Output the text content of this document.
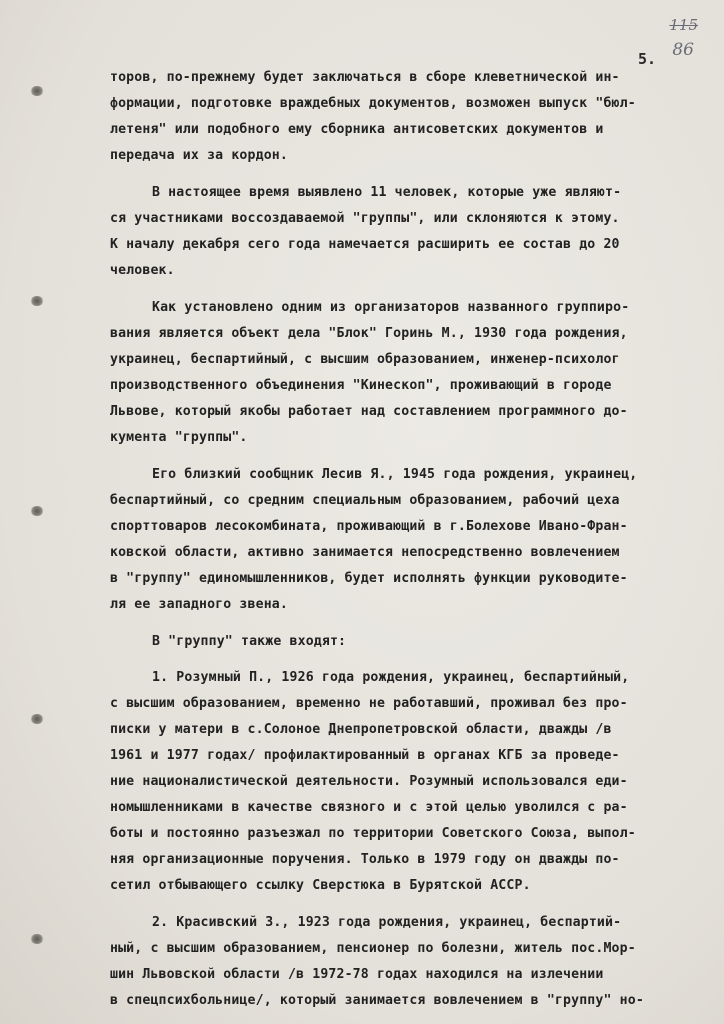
115
86
5.
торов, по-прежнему будет заключаться в сборе клеветнической ин-
формации, подготовке враждебных документов, возможен выпуск "бюл-
летеня" или подобного ему сборника антисоветских документов и
передача их за кордон.
В настоящее время выявлено 11 человек, которые уже являют-
ся участниками воссоздаваемой "группы", или склоняются к этому.
К началу декабря сего года намечается расширить ее состав до 20
человек.
Как установлено одним из организаторов названного группиро-
вания является объект дела "Блок" Горинь М., 1930 года рождения,
украинец, беспартийный, с высшим образованием, инженер-психолог
производственного объединения "Кинескоп", проживающий в городе
Львове, который якобы работает над составлением программного до-
кумента "группы".
Его близкий сообщник Лесив Я., 1945 года рождения, украинец,
беспартийный, со средним специальным образованием, рабочий цеха
спорттоваров лесокомбината, проживающий в г.Болехове Ивано-Фран-
ковской области, активно занимается непосредственно вовлечением
в "группу" единомышленников, будет исполнять функции руководите-
ля ее западного звена.
В "группу" также входят:
1. Розумный П., 1926 года рождения, украинец, беспартийный,
с высшим образованием, временно не работавший, проживал без про-
писки у матери в с.Солоное Днепропетровской области, дважды /в
1961 и 1977 годах/ профилактированный в органах КГБ за проведе-
ние националистической деятельности. Розумный использовался еди-
номышленниками в качестве связного и с этой целью уволился с ра-
боты и постоянно разъезжал по территории Советского Союза, выпол-
няя организационные поручения. Только в 1979 году он дважды по-
сетил отбывающего ссылку Сверстюка в Бурятской АССР.
2. Красивский З., 1923 года рождения, украинец, беспартий-
ный, с высшим образованием, пенсионер по болезни, житель пос.Мор-
шин Львовской области /в 1972-78 годах находился на излечении
в спецпсихбольнице/, который занимается вовлечением в "группу" но-
